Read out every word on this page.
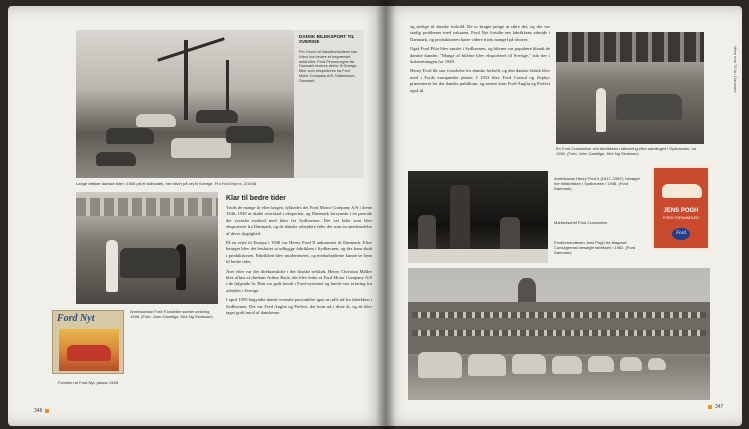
DANSK BILEKSPORT TIL SVERIGE
Per Grund af Valutaforholdene kan Volvo kun levere et begrænset antal biler. Ford Personvogne fra Danmark leveres derfor til Sverige. Biler som eksporteres fra Ford Motor Company A/S, København, Danmark.
Lange rækker danske biler i 1948 på et skibsdæk, her bliver på vej til Sverige. Fra Ford Nyt nr. 2/1948.
Ford Nyt
Forsiden af Ford Nyt, januar 1948.
Amerikanske Ford F-lastbiler samlet omkring 1948. (Foto: John Carstilgo, Dirk Ng Skotsson)
Klar til bedre tider

Trods de mange år efter krigen, lykkedes det Ford Motor Company A/S i årene 1946–1949 at skabe overskud i eksporten, og Danmark forsynede i en periode det svenske marked med biler fra Sydhavnen. Det var biler som blev eksporteret fra Danmark, og de danske arbejdere følte det som en anerkendelse af deres dygtighed.

På en rejse til Europa i 1948 var Henry Ford II ankommet til Danmark. Efter besøget blev det besluttet at udbygge fabrikken i Sydhavnen, og der kom skub i produktionen. Fabrikken blev moderniseret, og medarbejderne kunne se frem til bedre tider.

Året efter var der direktørskifte i det danske selskab. Henry Christian Møller blev afløst af direktør Arthur Back, der blev leder af Ford Motor Company A/S i de følgende år. Han var godt kendt i Ford-systemet og havde stor erfaring fra arbejdet i Sverige.

I april 1950 begyndte dansk-svenske personbiler igen at rulle ud fra fabrikken i Sydhavnen. Det var Ford Anglia og Prefect, der kom ud i disse år, og de blev taget godt imod af danskerne.

348

og sørlige til danske forhold. De to brugte penge at sikre det, og der var stadig problemer med valutaen. Ford Nyt fortalte om fabrikkens arbejde i Danmark, og produktionen kørte videre trods mangel på råvarer.

Også Ford Pilot blev samlet i Sydhavnen, og bilerne var populære blandt de danske kunder. "Mange af bilerne blev eksporteret til Sverige," står der i årsberetningen for 1949.

Henry Ford fik stor forståelse for danske forhold, og den danske fabrik blev med i Fords europæiske planer. I 1952 blev Ford Consul og Zephyr præsenteret for det danske publikum, og senere kom Ford Anglia og Prefect også til.

En Ford Customline ved fabrikkens udlevering efter samlingen i Sydhavnen, ca. 1950. (Foto: John Carstilgo, Dirk Ng Skotsson)
Mere end 75 år i Danmark
Amerikansk Henry Ford II (1917–1987), besøger her bilfabrikken i Sydhavnen i 1948. (Ford Danmark)
Markedschef Ford Customline.
Fordforhandleren Jens Pogh fra Magasin Consagerrard besøgte fabrikken i 1952. (Ford Danmark)
JENS POGH
FORD FORHANDLER
Ford
347
